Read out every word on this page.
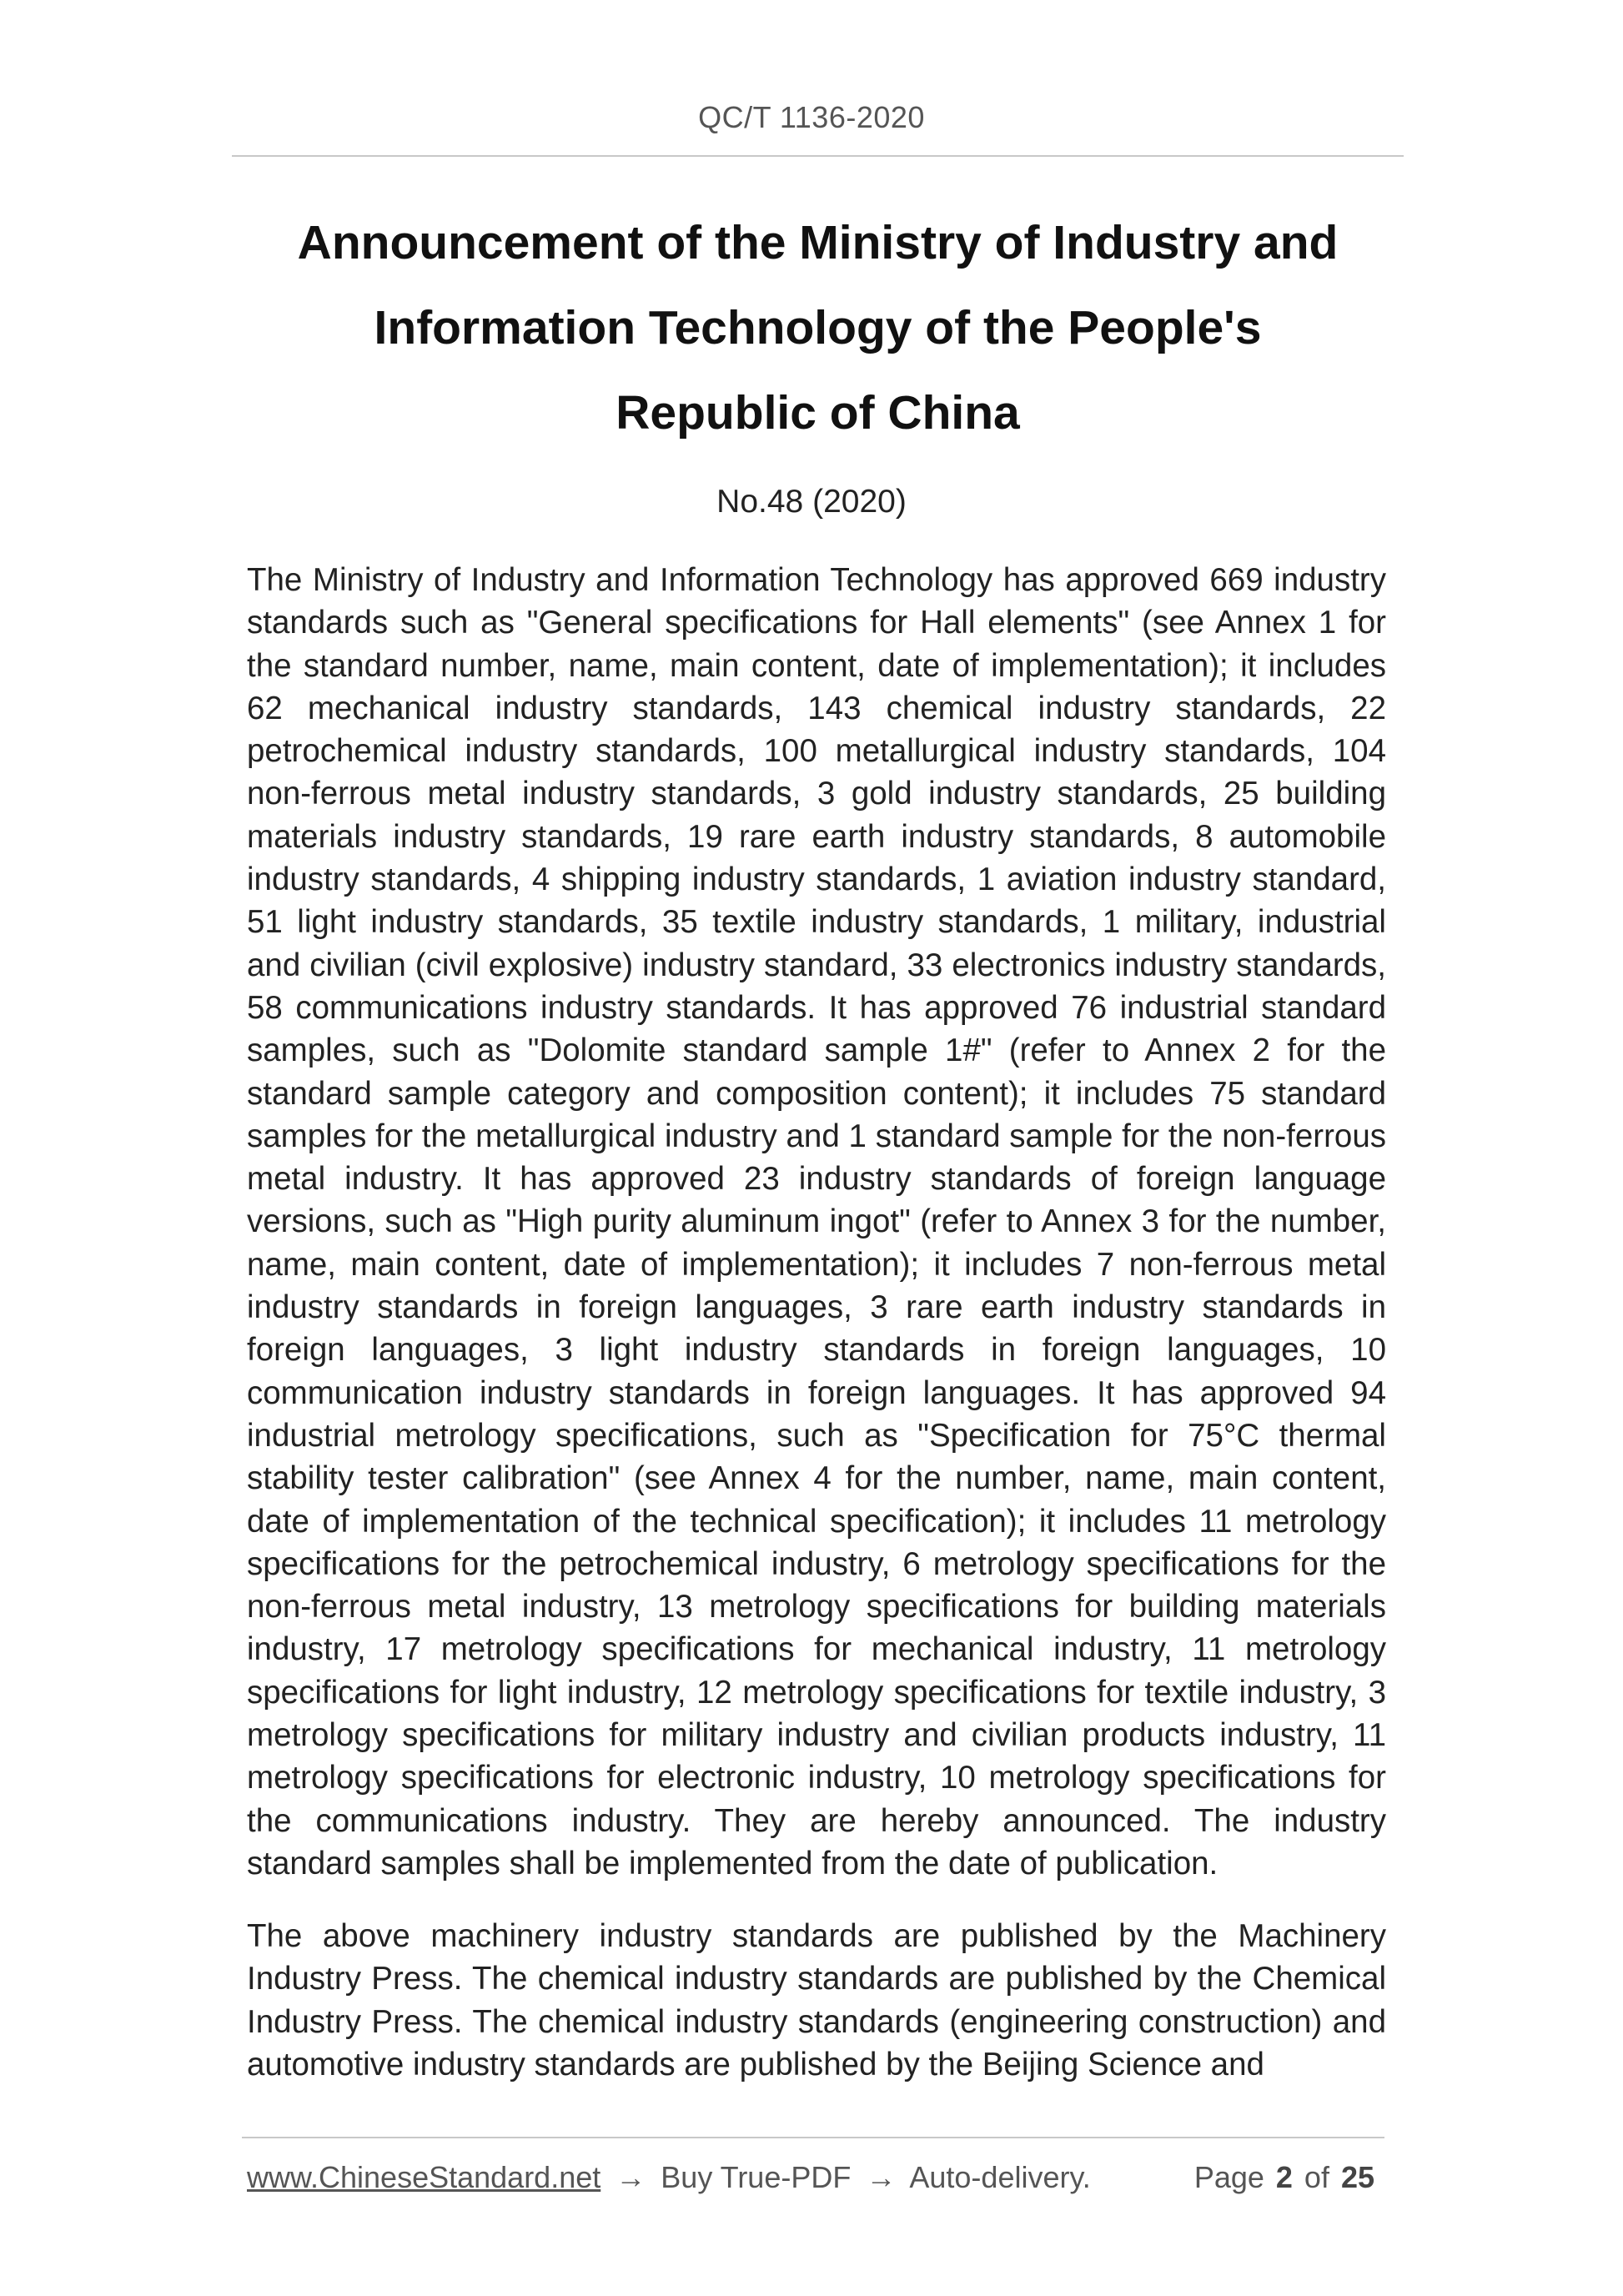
QC/T 1136-2020
Announcement of the Ministry of Industry and
Information Technology of the People's
Republic of China
No.48 (2020)

The Ministry of Industry and Information Technology has approved 669 industry standards such as "General specifications for Hall elements" (see Annex 1 for the standard number, name, main content, date of implementation); it includes 62 mechanical industry standards, 143 chemical industry standards, 22 petrochemical industry standards, 100 metallurgical industry standards, 104 non-ferrous metal industry standards, 3 gold industry standards, 25 building materials industry standards, 19 rare earth industry standards, 8 automobile industry standards, 4 shipping industry standards, 1 aviation industry standard, 51 light industry standards, 35 textile industry standards, 1 military, industrial and civilian (civil explosive) industry standard, 33 electronics industry standards, 58 communications industry standards. It has approved 76 industrial standard samples, such as "Dolomite standard sample 1#" (refer to Annex 2 for the standard sample category and composition content); it includes 75 standard samples for the metallurgical industry and 1 standard sample for the non-ferrous metal industry. It has approved 23 industry standards of foreign language versions, such as "High purity aluminum ingot" (refer to Annex 3 for the number, name, main content, date of implementation); it includes 7 non-ferrous metal industry standards in foreign languages, 3 rare earth industry standards in foreign languages, 3 light industry standards in foreign languages, 10 communication industry standards in foreign languages. It has approved 94 industrial metrology specifications, such as "Specification for 75°C thermal stability tester calibration" (see Annex 4 for the number, name, main content, date of implementation of the technical specification); it includes 11 metrology specifications for the petrochemical industry, 6 metrology specifications for the non-ferrous metal industry, 13 metrology specifications for building materials industry, 17 metrology specifications for mechanical industry, 11 metrology specifications for light industry, 12 metrology specifications for textile industry, 3 metrology specifications for military industry and civilian products industry, 11 metrology specifications for electronic industry, 10 metrology specifications for the communications industry. They are hereby announced. The industry standard samples shall be implemented from the date of publication.

The above machinery industry standards are published by the Machinery Industry Press. The chemical industry standards are published by the Chemical Industry Press. The chemical industry standards (engineering construction) and automotive industry standards are published by the Beijing Science and

www.ChineseStandard.net → Buy True-PDF → Auto-delivery.	Page 2 of 25
